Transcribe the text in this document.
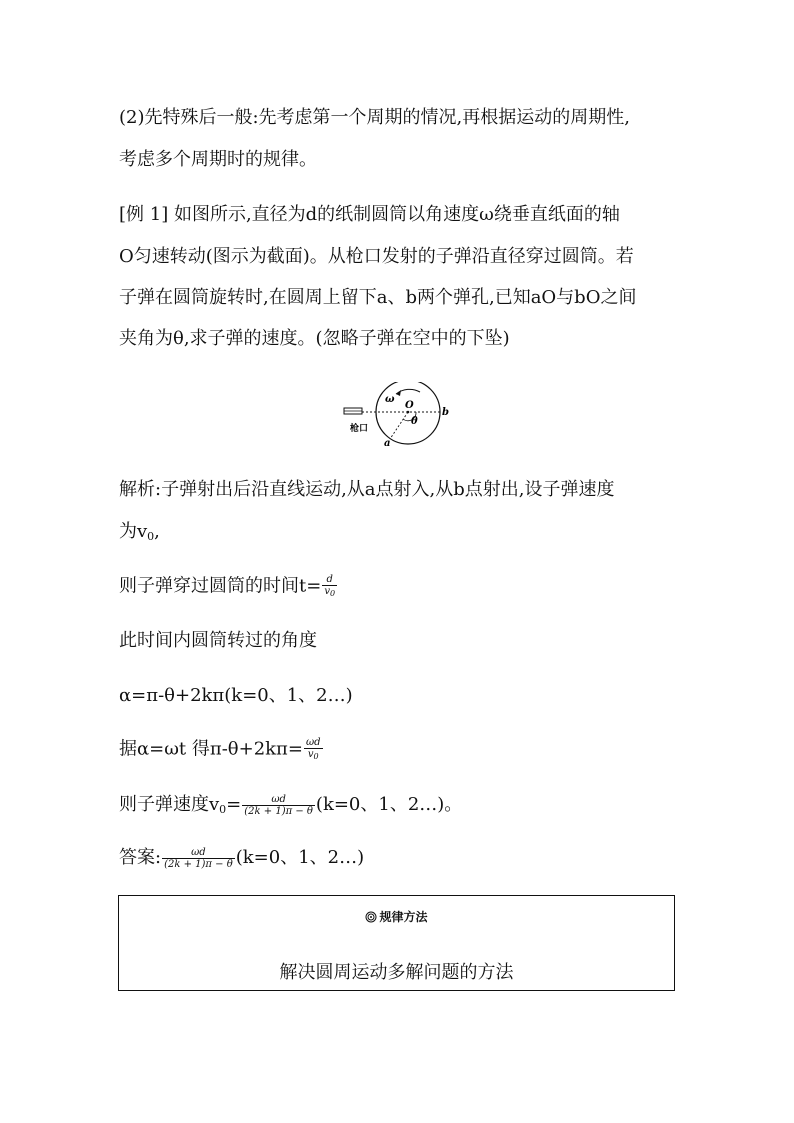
(2)先特殊后一般:先考虑第一个周期的情况,再根据运动的周期性,
考虑多个周期时的规律。
[例 1] 如图所示,直径为d的纸制圆筒以角速度ω绕垂直纸面的轴
O匀速转动(图示为截面)。从枪口发射的子弹沿直径穿过圆筒。若
子弹在圆筒旋转时,在圆周上留下a、b两个弹孔,已知aO与bO之间
夹角为θ,求子弹的速度。(忽略子弹在空中的下坠)
枪口
ω
O
θ
a
b
解析:子弹射出后沿直线运动,从a点射入,从b点射出,设子弹速度
为$v_0$,
则子弹穿过圆筒的时间$t= \frac{d}{v_0}$
此时间内圆筒转过的角度
α=π-θ+2kπ(k=0、1、2…)
据α=ωt 得$\pi-\theta+2k\pi= \frac{\omega d}{v_0}$
则子弹速度$v_0= \frac{\omega d}{(2k + 1)\pi - \theta} (k=0$、1、2…)。
答案: $\frac{\omega d}{(2k + 1)\pi - \theta} (k=0$、1、2…)
规律方法
解决圆周运动多解问题的方法
